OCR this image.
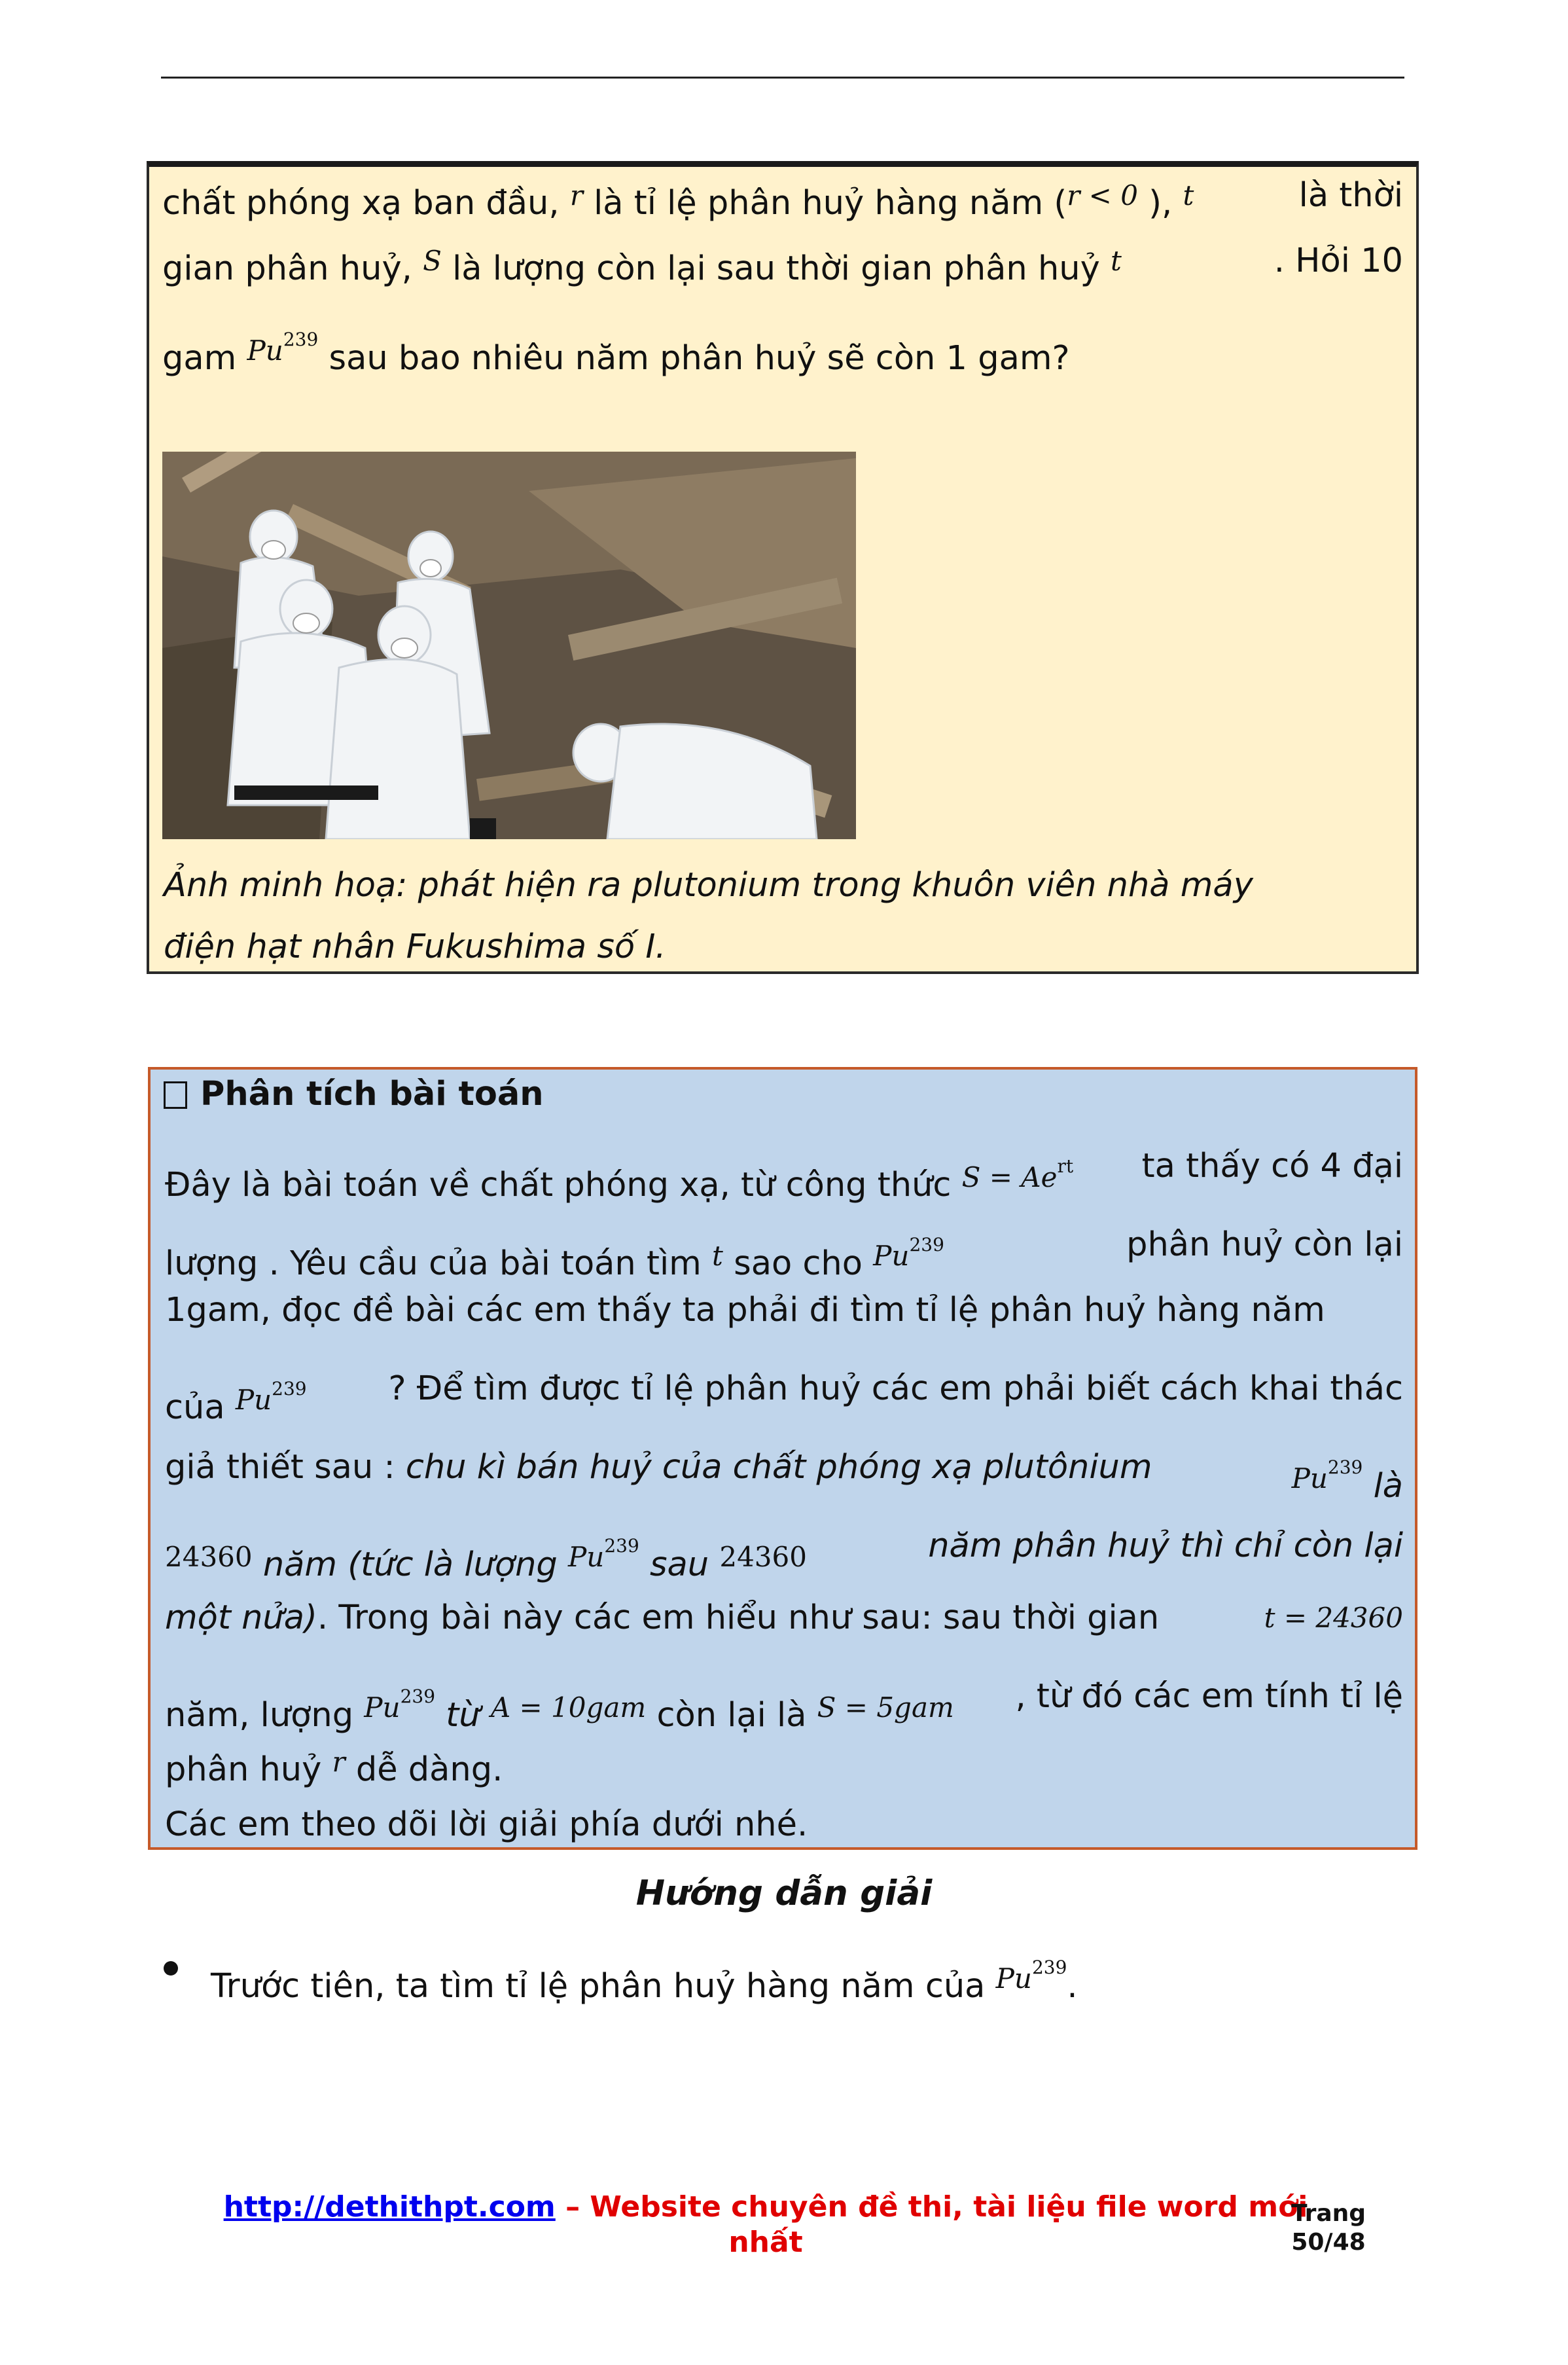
chất phóng xạ ban đầu, $^r$ là tỉ lệ phân huỷ hàng năm ($^{r < 0}$ ), $^t$	là thời
gian phân huỷ, $^S$ là lượng còn lại sau thời gian phân huỷ $^t$	. Hỏi 10
gam $^{Pu^{239}}$ sau bao nhiêu năm phân huỷ sẽ còn 1 gam?
Ảnh minh hoạ: phát hiện ra plutonium trong khuôn viên nhà máy
điện hạt nhân Fukushima số I.
Phân tích bài toán
Đây là bài toán về chất phóng xạ, từ công thức $^{S = Ae^{rt}}$ ta thấy có 4 đại
lượng . Yêu cầu của bài toán tìm $^t$ sao cho $^{Pu^{239}}$	phân huỷ còn lại
1gam, đọc đề bài các em thấy ta phải đi tìm tỉ lệ phân huỷ hàng năm
của $^{Pu^{239}}$ ? Để tìm được tỉ lệ phân huỷ các em phải biết cách khai thác
giả thiết sau : chu kì bán huỷ của chất phóng xạ plutônium	$^{Pu^{239}}$ là
$^{24360}$ năm (tức là lượng $^{Pu^{239}}$ sau $^{24360}$	năm phân huỷ thì chỉ còn lại
một nửa). Trong bài này các em hiểu như sau: sau thời gian	t = 24360
năm, lượng $^{Pu^{239}}$ từ $^{A = 10gam}$ còn lại là $^{S = 5gam}$ , từ đó các em tính tỉ lệ
phân huỷ $^r$ dễ dàng.
Các em theo dõi lời giải phía dưới nhé.
Hướng dẫn giải
Trước tiên, ta tìm tỉ lệ phân huỷ hàng năm của $^{Pu^{239}}$.
http://dethithpt.com – Website chuyên đề thi, tài liệu file word mới nhất
Trang
50/48
